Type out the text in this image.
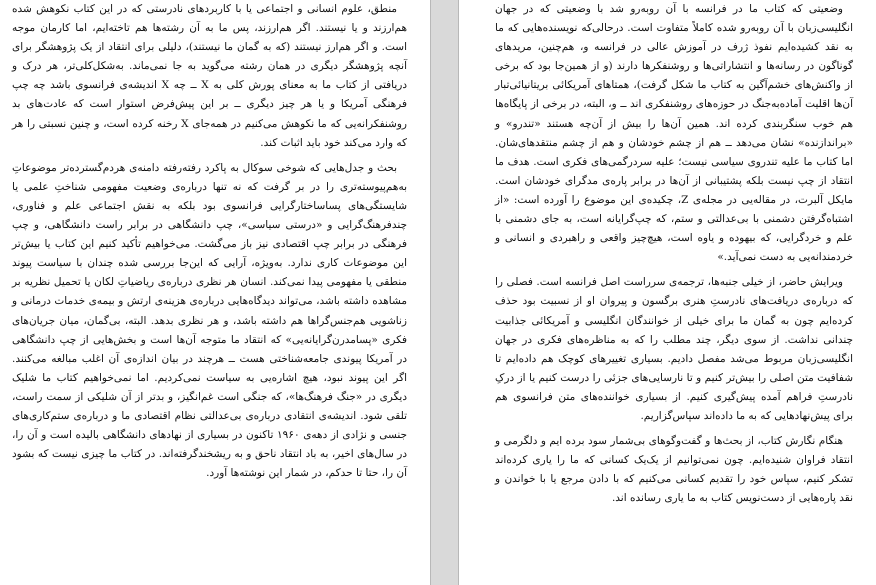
منطق، علوم انسانی و اجتماعی یا با کاربردهای نادرستی که در این کتاب نکوهش شده هم‌ارزند و یا نیستند. اگر هم‌ارزند، پس ما به آن رشته‌ها هم تاخته‌ایم، اما کارمان موجه است. و اگر هم‌ارز نیستند (که به گمان ما نیستند)، دلیلی برای انتقاد از یک پژوهشگر برای آنچه پژوهشگر دیگری در همان رشته می‌گوید به جا نمی‌ماند. به‌شکل‌کلی‌تر، هر درک و دریافتی از کتاب ما به معنای پورش کلی به X ــ چه X اندیشه‌ی فرانسوی باشد چه چپ فرهنگی آمریکا و یا هر چیز دیگری ــ بر این پیش‌فرض استوار است که عادت‌های بد روشنفکرانه‌یی که ما نکوهش می‌کنیم در همه‌جای X رخنه کرده است، و چنین نسبتی را هر که وارد می‌کند خود باید اثبات کند.

بحث و جدل‌هایی که شوخی سوکال به پاکرد رفته‌رفته دامنه‌ی هردم‌گسترده‌تر موضوعاتِ به‌هم‌پیوسته‌تری را در بر گرفت که نه تنها درباره‌ی وضعیت مفهومی شناختِ علمی یا شایستگی‌های پساساختارگرایی فرانسوی بود بلکه به نقش اجتماعی علم و فناوری، چندفرهنگ‌گرایی و «درستی سیاسی»، چپ دانشگاهی در برابر راست دانشگاهی، و چپ فرهنگی در برابر چپ اقتصادی نیز باز می‌گشت. می‌خواهیم تأکید کنیم این کتاب یا بیش‌تر این موضوعات کاری ندارد. به‌ویژه، آرایی که این‌جا بررسی شده چندان با سیاست پیوند منطقی یا مفهومی پیدا نمی‌کند. انسان هر نظری درباره‌ی ریاضیاتِ لکان یا تحمیل نظریه بر مشاهده داشته باشد، می‌تواند دیدگاه‌هایی درباره‌ی هزینه‌ی ارتش و بیمه‌ی خدمات درمانی و زناشویی هم‌جنس‌گراها هم داشته باشد، و هر نظری بدهد. البته، بی‌گمان، میان جریان‌های فکری «پسامدرن‌گرایانه‌یی» که انتقاد ما متوجه آن‌ها است و بخش‌هایی از چپ دانشگاهی در آمریکا پیوندی جامعه‌شناختی هست ــ هرچند در بیان اندازه‌ی آن اغلب مبالغه می‌کنند. اگر این پیوند نبود، هیچ اشاره‌یی به سیاست نمی‌کردیم. اما نمی‌خواهیم کتاب ما شلیک دیگری در «جنگ فرهنگ‌ها»، که جنگی است غم‌انگیز، و بدتر از آن شلیکی از سمت راست، تلقی شود. اندیشه‌ی انتقادی درباره‌ی بی‌عدالتی نظام اقتصادی ما و درباره‌ی ستم‌کاری‌های جنسی و نژادی از دهه‌ی ۱۹۶۰ تاکنون در بسیاری از نهادهای دانشگاهی بالیده است و آن را، در سال‌های اخیر، به باد انتقاد ناحق و به ریشخندگرفته‌اند. در کتاب ما چیزی نیست که بشود آن را، حتا تا حدکم، در شمار این نوشته‌ها آورد.

وضعیتی که کتاب ما در فرانسه با آن روبه‌رو شد با وضعیتی که در جهان انگلیسی‌زبان با آن روبه‌رو شده کاملاً متفاوت است. درحالی‌که نویسنده‌هایی که ما به نقد کشیده‌ایم نفوذ ژرف در آموزش عالی در فرانسه و، هم‌چنین، مریدهای گوناگون در رسانه‌ها و انتشاراتی‌ها و روشنفکرها دارند (و از همین‌جا بود که برخی از واکنش‌های خشم‌آگین به کتاب ما شکل گرفت)، همتاهای آمریکائی بریتانیائی‌تبار آن‌ها اقلیت آماده‌به‌جنگ در حوزه‌های روشنفکری اند ــ و، البته، در برخی از پایگاه‌ها هم خوب سنگربندی کرده اند. همین آن‌ها را بیش از آن‌چه هستند «تندرو» و «براندازنده» نشان می‌دهد ــ هم از چشم خودشان و هم از چشم منتقدهای‌شان. اما کتاب ما علیه تندروی سیاسی نیست؛ علیه سردرگمی‌های فکری است. هدف ما انتقاد از چپ نیست بلکه پشتیبانی از آن‌ها در برابر پاره‌ی مدگرای خودشان است. مایکل آلبرت، در مقاله‌یی در مجله‌ی Z، چکیده‌ی این موضوع را آورده است: «از اشتباه‌گرفتن دشمنی با بی‌عدالتی و ستم، که چپ‌گرایانه است، به جای دشمنی با علم و خردگرایی، که بیهوده و یاوه است، هیچ‌چیز واقعی و راهبردی و انسانی و خردمندانه‌یی به دست نمی‌آید.»

ویرایش حاضر، از خیلی جنبه‌ها، ترجمه‌ی سرراست اصل فرانسه است. فصلی را که درباره‌ی دریافت‌های نادرستِ هنری برگسون و پیروان او از نسبیت بود حذف کرده‌ایم چون به گمان ما برای خیلی از خوانندگان انگلیسی و آمریکائی جذابیت چندانی نداشت. از سوی دیگر، چند مطلب را که به مناظره‌های فکری در جهان انگلیسی‌زبان مربوط می‌شد مفصل دادیم. بسیاری تغییرهای کوچک هم داده‌ایم تا شفافیت متن اصلی را بیش‌تر کنیم و تا نارسایی‌های جزئی را درست کنیم یا از درکِ نادرستِ فراهم آمده پیش‌گیری کنیم. از بسیاری خواننده‌های متن فرانسوی هم برای پیش‌نهادهایی که به ما داده‌اند سپاس‌گزاریم.

هنگام نگارش کتاب، از بحث‌ها و گفت‌وگوهای بی‌شمار سود برده ایم و دلگرمی و انتقاد فراوان شنیده‌ایم. چون نمی‌توانیم از یک‌یک کسانی که ما را یاری کرده‌اند تشکر کنیم، سپاس خود را تقدیم کسانی می‌کنیم که با دادن مرجع یا با خواندن و نقد پاره‌هایی از دست‌نویس کتاب به ما یاری رسانده اند.
